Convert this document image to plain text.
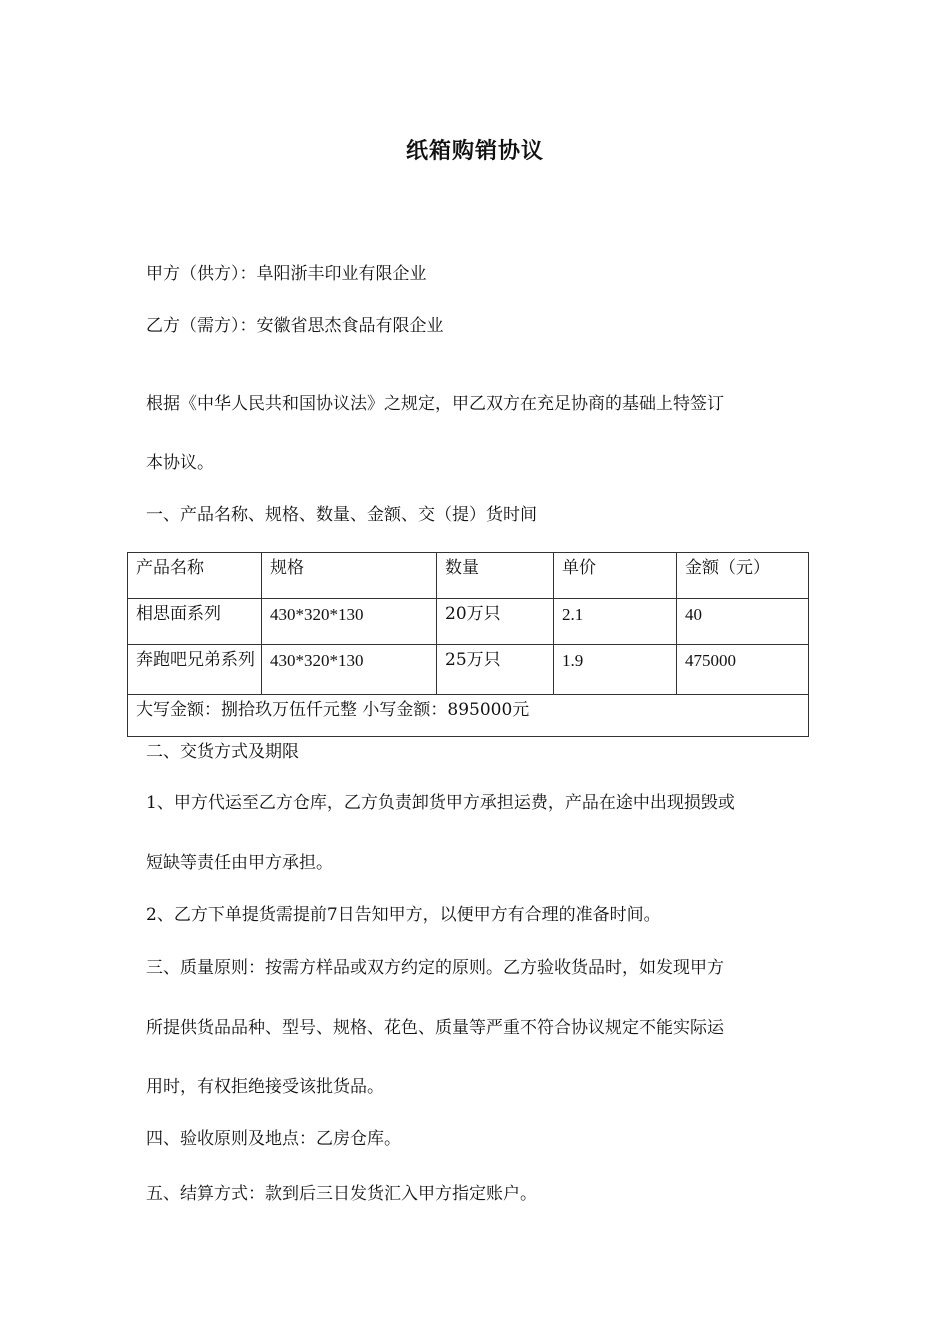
纸箱购销协议
甲方（供方）：阜阳浙丰印业有限企业
乙方（需方）：安徽省思杰食品有限企业
根据《中华人民共和国协议法》之规定，甲乙双方在充足协商的基础上特签订
本协议。
一、产品名称、规格、数量、金额、交（提）货时间
产品名称	规格	数量	单价	金额（元）
相思面系列	430*320*130	20万只	2.1	40
奔跑吧兄弟系列	430*320*130	25万只	1.9	475000
大写金额：捌拾玖万伍仟元整 小写金额：895000元				
二、交货方式及期限
1、甲方代运至乙方仓库，乙方负责卸货甲方承担运费，产品在途中出现损毁或
短缺等责任由甲方承担。
2、乙方下单提货需提前7日告知甲方，以便甲方有合理的准备时间。
三、质量原则：按需方样品或双方约定的原则。乙方验收货品时，如发现甲方
所提供货品品种、型号、规格、花色、质量等严重不符合协议规定不能实际运
用时，有权拒绝接受该批货品。
四、验收原则及地点：乙房仓库。
五、结算方式：款到后三日发货汇入甲方指定账户。
